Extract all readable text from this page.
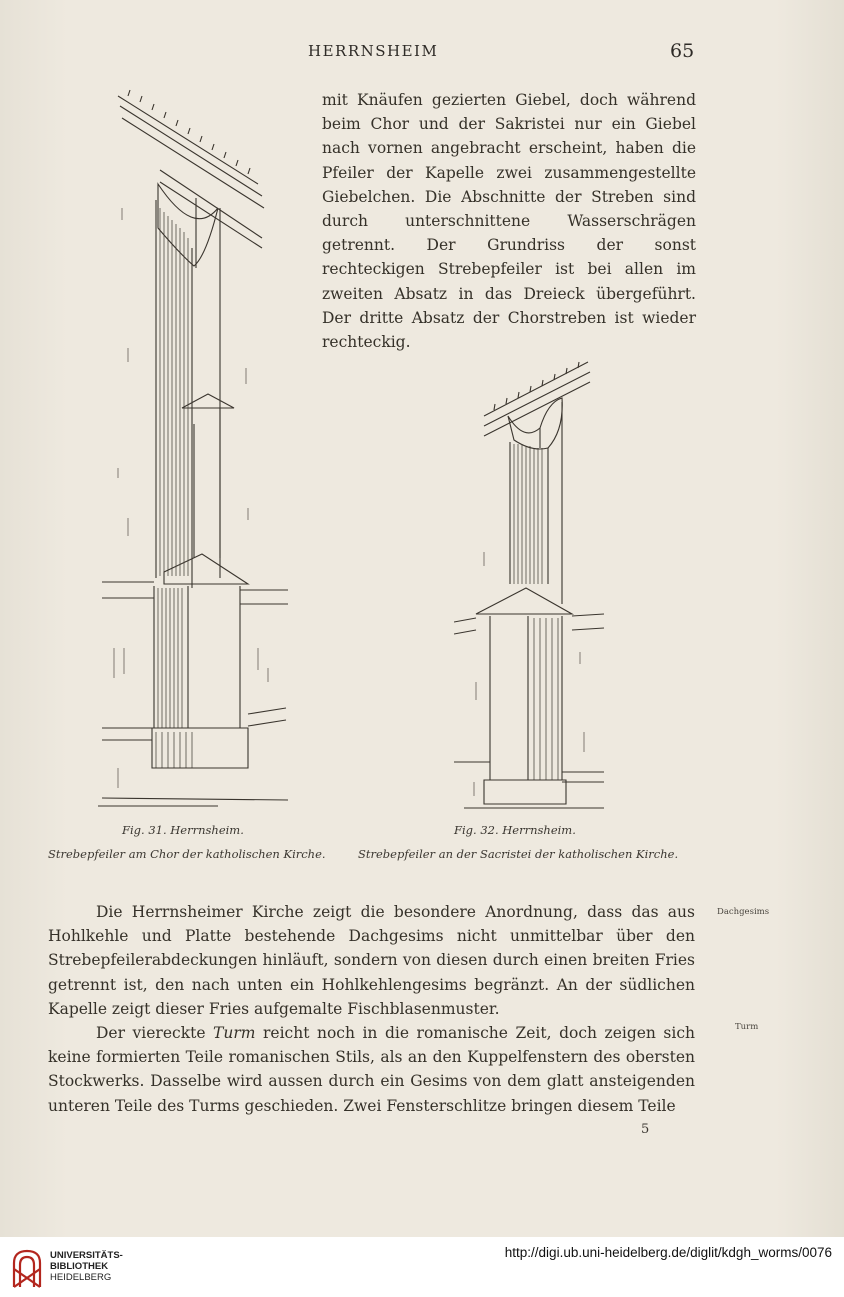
HERRNSHEIM	65

mit Knäufen gezierten Giebel, doch während beim Chor und der Sakristei nur ein Giebel nach vornen angebracht erscheint, haben die Pfeiler der Kapelle zwei zusammengestellte Giebelchen. Die Abschnitte der Streben sind durch unterschnittene Wasserschrägen getrennt. Der Grundriss der sonst rechteckigen Strebepfeiler ist bei allen im zweiten Absatz in das Dreieck übergeführt. Der dritte Absatz der Chorstreben ist wieder rechteckig.

Fig. 31. Herrnsheim.
Strebepfeiler am Chor der katholischen Kirche.
Fig. 32. Herrnsheim.
Strebepfeiler an der Sacristei der katholischen Kirche.

Die Herrnsheimer Kirche zeigt die besondere Anordnung, dass das aus Hohlkehle und Platte bestehende Dachgesims nicht unmittelbar über den Strebepfeilerabdeckungen hinläuft, sondern von diesen durch einen breiten Fries getrennt ist, den nach unten ein Hohlkehlengesims begränzt. An der südlichen Kapelle zeigt dieser Fries aufgemalte Fischblasenmuster.

Der viereckte Turm reicht noch in die romanische Zeit, doch zeigen sich keine formierten Teile romanischen Stils, als an den Kuppelfenstern des obersten Stockwerks. Dasselbe wird aussen durch ein Gesims von dem glatt ansteigenden unteren Teile des Turms geschieden. Zwei Fensterschlitze bringen diesem Teile

Dachgesims
Turm
5
UNIVERSITÄTS-
BIBLIOTHEK
HEIDELBERG
http://digi.ub.uni-heidelberg.de/diglit/kdgh_worms/0076
